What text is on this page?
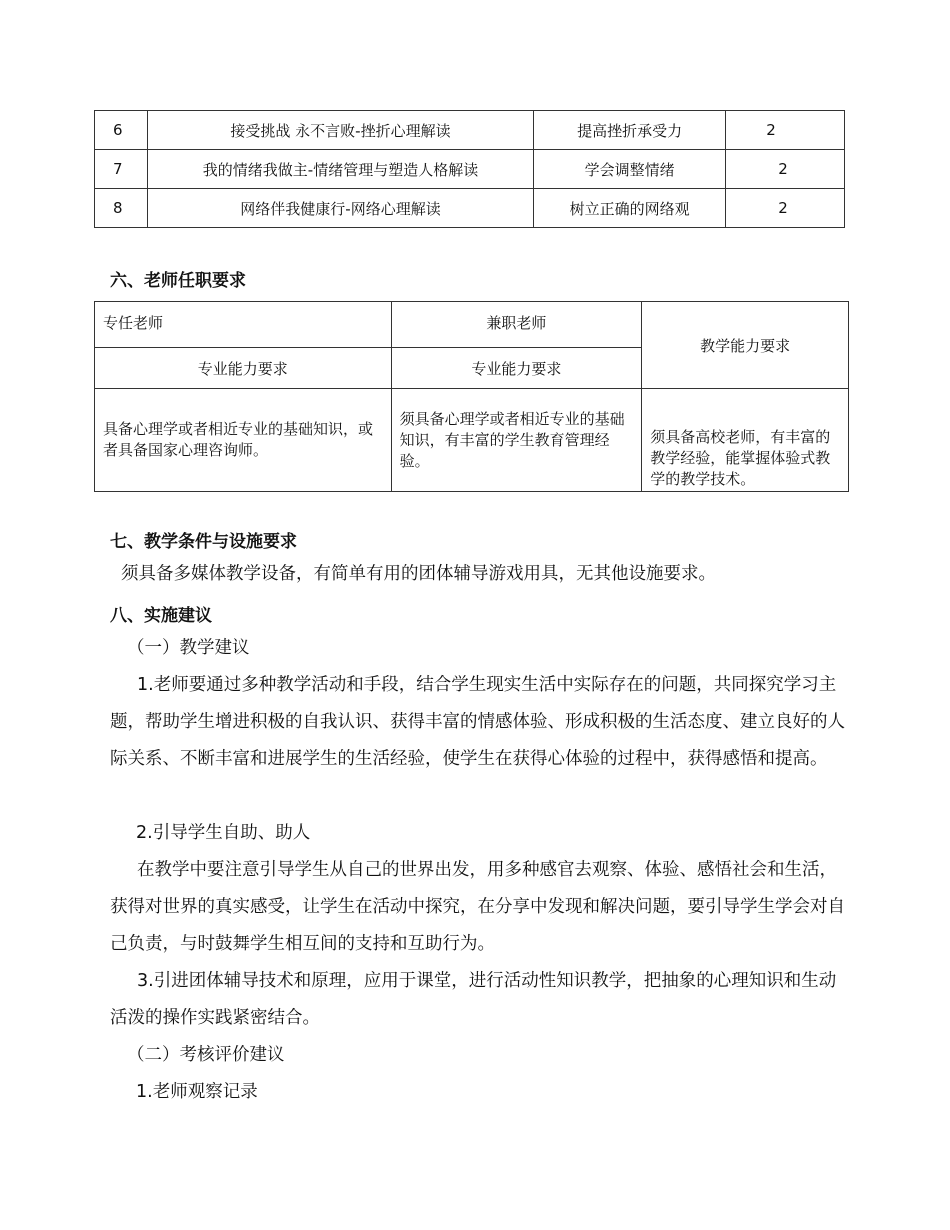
6	接受挑战 永不言败-挫折心理解读	提高挫折承受力	2
7	我的情绪我做主-情绪管理与塑造人格解读	学会调整情绪	2
8	网络伴我健康行-网络心理解读	树立正确的网络观	2
六、老师任职要求
专任老师	兼职老师	教学能力要求
专业能力要求	专业能力要求	
具备心理学或者相近专业的基础知识，或者具备国家心理咨询师。	须具备心理学或者相近专业的基础知识，有丰富的学生教育管理经验。	须具备高校老师，有丰富的教学经验，能掌握体验式教学的教学技术。
七、教学条件与设施要求
须具备多媒体教学设备，有简单有用的团体辅导游戏用具，无其他设施要求。
八、实施建议
（一）教学建议
1.老师要通过多种教学活动和手段，结合学生现实生活中实际存在的问题，共同探究学习主题，帮助学生增进积极的自我认识、获得丰富的情感体验、形成积极的生活态度、建立良好的人际关系、不断丰富和进展学生的生活经验，使学生在获得心体验的过程中，获得感悟和提高。
2.引导学生自助、助人
在教学中要注意引导学生从自己的世界出发，用多种感官去观察、体验、感悟社会和生活，获得对世界的真实感受，让学生在活动中探究，在分享中发现和解决问题，要引导学生学会对自己负责，与时鼓舞学生相互间的支持和互助行为。
3.引进团体辅导技术和原理，应用于课堂，进行活动性知识教学，把抽象的心理知识和生动活泼的操作实践紧密结合。
（二）考核评价建议
1.老师观察记录
